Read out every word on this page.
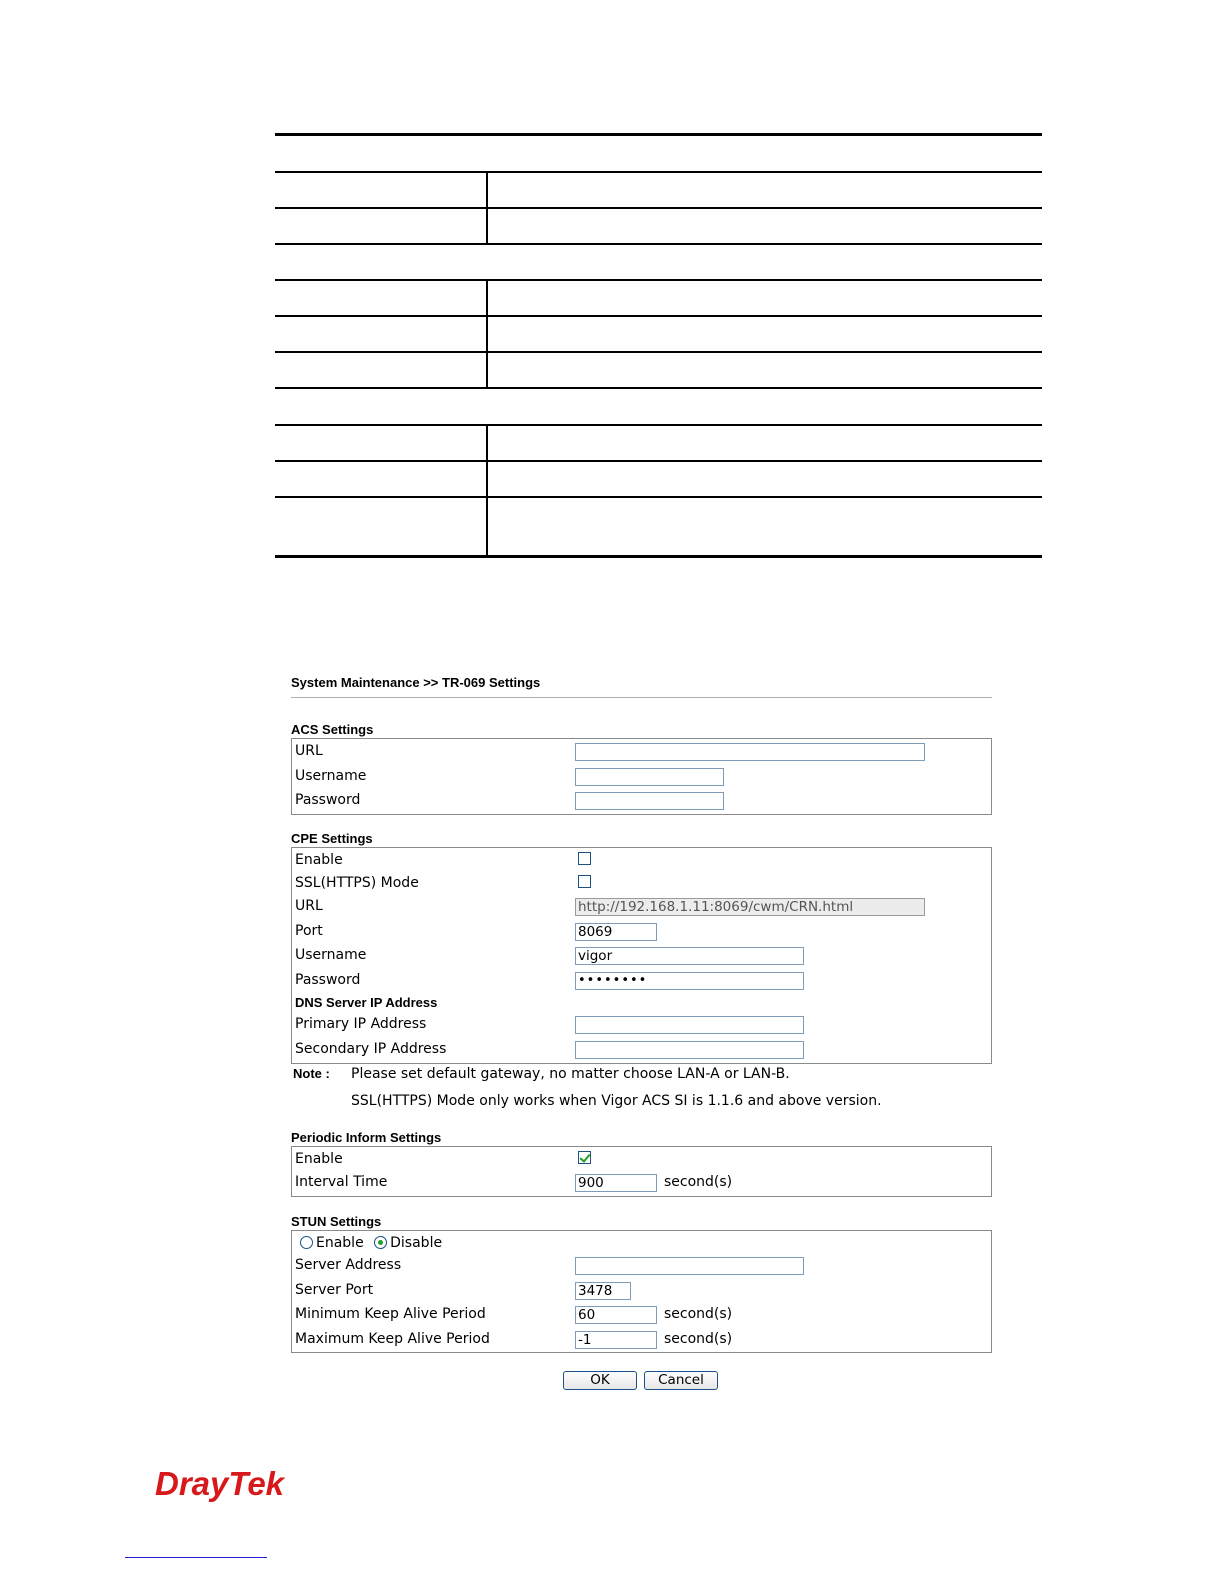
System Maintenance >> TR-069 Settings
ACS Settings
URL
Username
Password
CPE Settings
Enable
SSL(HTTPS) Mode
URL	http://192.168.1.11:8069/cwm/CRN.html
Port	8069
Username	vigor
Password	••••••••
DNS Server IP Address
Primary IP Address
Secondary IP Address
Note : Please set default gateway, no matter choose LAN-A or LAN-B.
SSL(HTTPS) Mode only works when Vigor ACS SI is 1.1.6 and above version.
Periodic Inform Settings
Enable
Interval Time	900	second(s)
STUN Settings
Enable Disable
Server Address
Server Port	3478
Minimum Keep Alive Period	60	second(s)
Maximum Keep Alive Period	-1	second(s)
OK	Cancel
DrayTek
